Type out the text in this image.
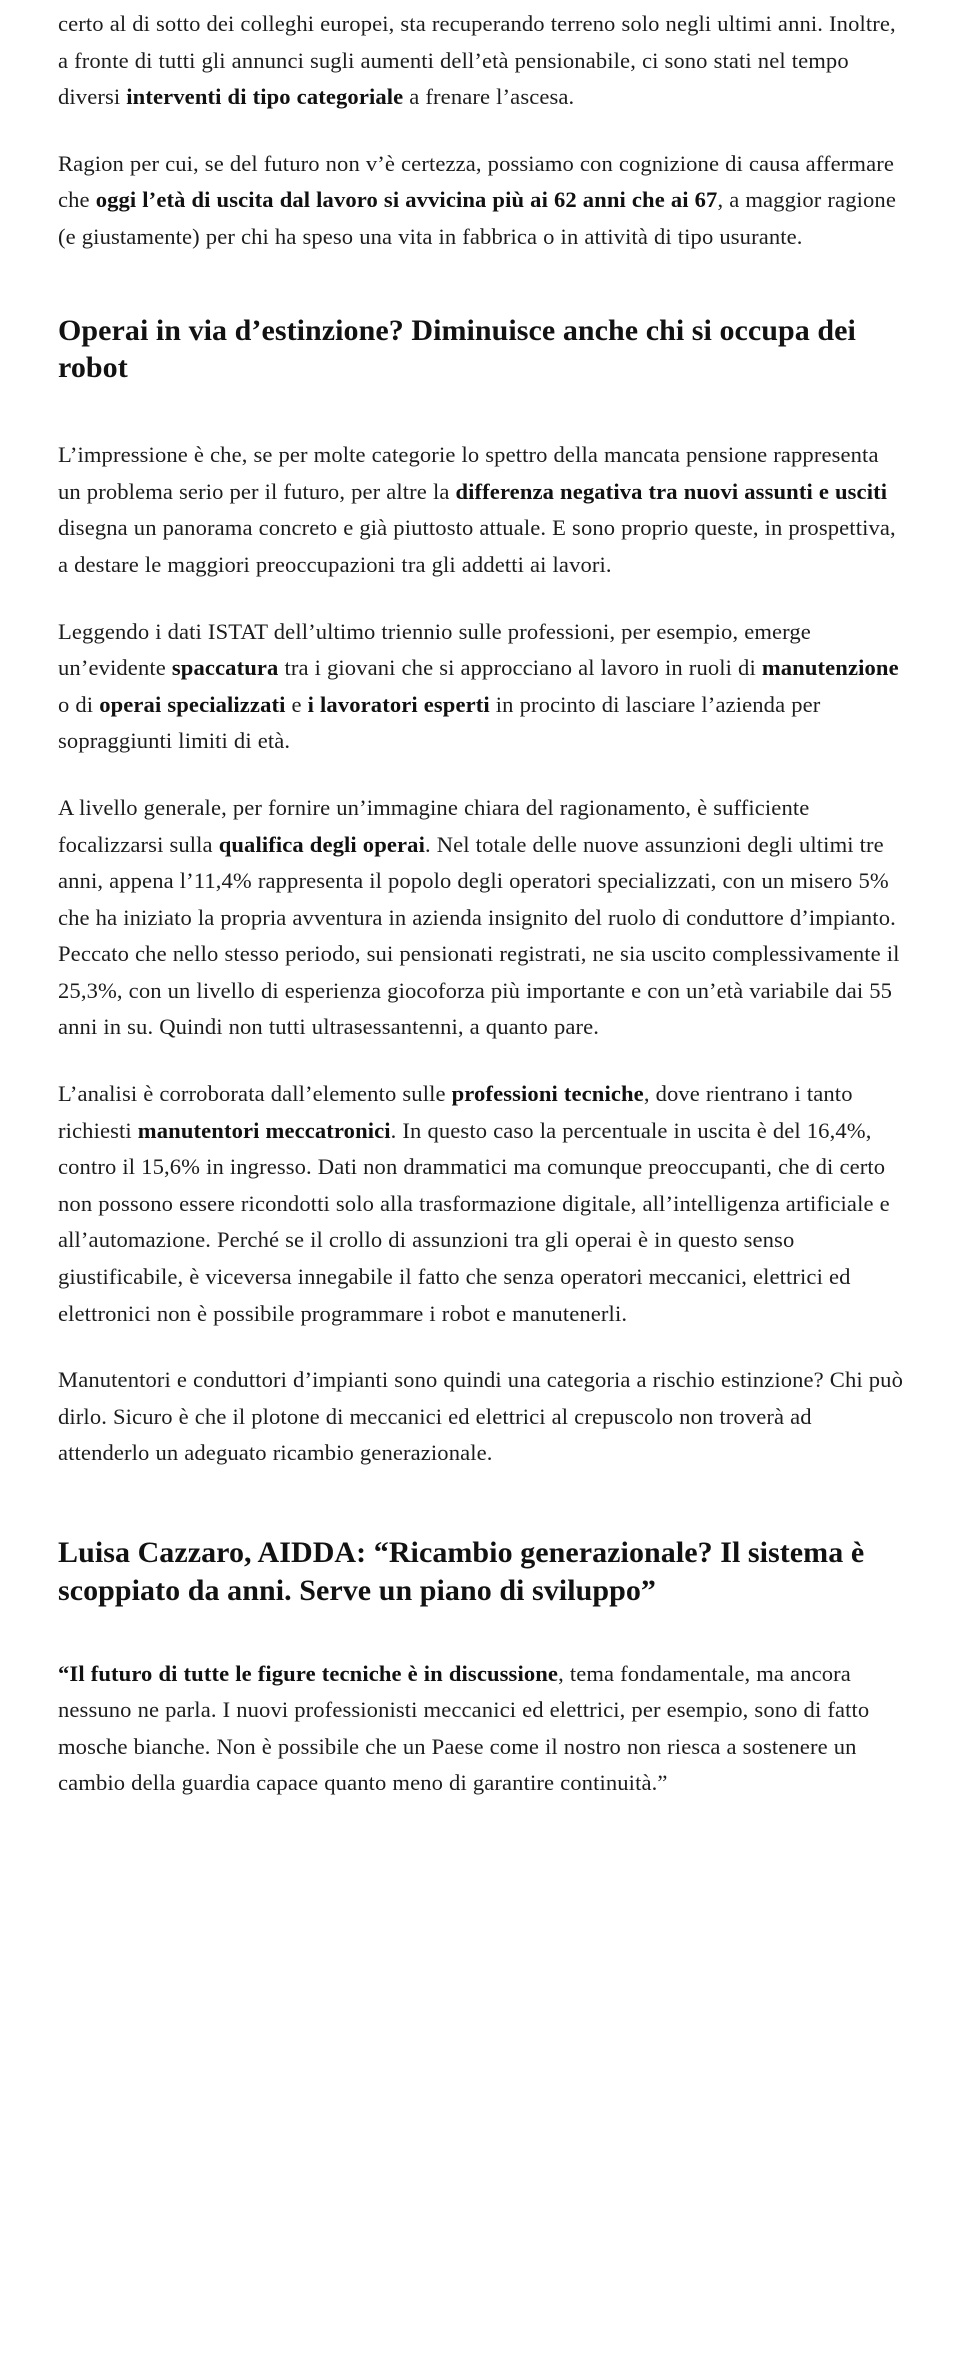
certo al di sotto dei colleghi europei, sta recuperando terreno solo negli ultimi anni. Inoltre, a fronte di tutti gli annunci sugli aumenti dell’età pensionabile, ci sono stati nel tempo diversi interventi di tipo categoriale a frenare l’ascesa.

Ragion per cui, se del futuro non v’è certezza, possiamo con cognizione di causa affermare che oggi l’età di uscita dal lavoro si avvicina più ai 62 anni che ai 67, a maggior ragione (e giustamente) per chi ha speso una vita in fabbrica o in attività di tipo usurante.

Operai in via d’estinzione? Diminuisce anche chi si occupa dei robot

L’impressione è che, se per molte categorie lo spettro della mancata pensione rappresenta un problema serio per il futuro, per altre la differenza negativa tra nuovi assunti e usciti disegna un panorama concreto e già piuttosto attuale. E sono proprio queste, in prospettiva, a destare le maggiori preoccupazioni tra gli addetti ai lavori.

Leggendo i dati ISTAT dell’ultimo triennio sulle professioni, per esempio, emerge un’evidente spaccatura tra i giovani che si approcciano al lavoro in ruoli di manutenzione o di operai specializzati e i lavoratori esperti in procinto di lasciare l’azienda per sopraggiunti limiti di età.

A livello generale, per fornire un’immagine chiara del ragionamento, è sufficiente focalizzarsi sulla qualifica degli operai. Nel totale delle nuove assunzioni degli ultimi tre anni, appena l’11,4% rappresenta il popolo degli operatori specializzati, con un misero 5% che ha iniziato la propria avventura in azienda insignito del ruolo di conduttore d’impianto. Peccato che nello stesso periodo, sui pensionati registrati, ne sia uscito complessivamente il 25,3%, con un livello di esperienza giocoforza più importante e con un’età variabile dai 55 anni in su. Quindi non tutti ultrasessantenni, a quanto pare.

L’analisi è corroborata dall’elemento sulle professioni tecniche, dove rientrano i tanto richiesti manutentori meccatronici. In questo caso la percentuale in uscita è del 16,4%, contro il 15,6% in ingresso. Dati non drammatici ma comunque preoccupanti, che di certo non possono essere ricondotti solo alla trasformazione digitale, all’intelligenza artificiale e all’automazione. Perché se il crollo di assunzioni tra gli operai è in questo senso giustificabile, è viceversa innegabile il fatto che senza operatori meccanici, elettrici ed elettronici non è possibile programmare i robot e manutenerli.

Manutentori e conduttori d’impianti sono quindi una categoria a rischio estinzione? Chi può dirlo. Sicuro è che il plotone di meccanici ed elettrici al crepuscolo non troverà ad attenderlo un adeguato ricambio generazionale.

Luisa Cazzaro, AIDDA: “Ricambio generazionale? Il sistema è scoppiato da anni. Serve un piano di sviluppo”

“Il futuro di tutte le figure tecniche è in discussione, tema fondamentale, ma ancora nessuno ne parla. I nuovi professionisti meccanici ed elettrici, per esempio, sono di fatto mosche bianche. Non è possibile che un Paese come il nostro non riesca a sostenere un cambio della guardia capace quanto meno di garantire continuità.”
